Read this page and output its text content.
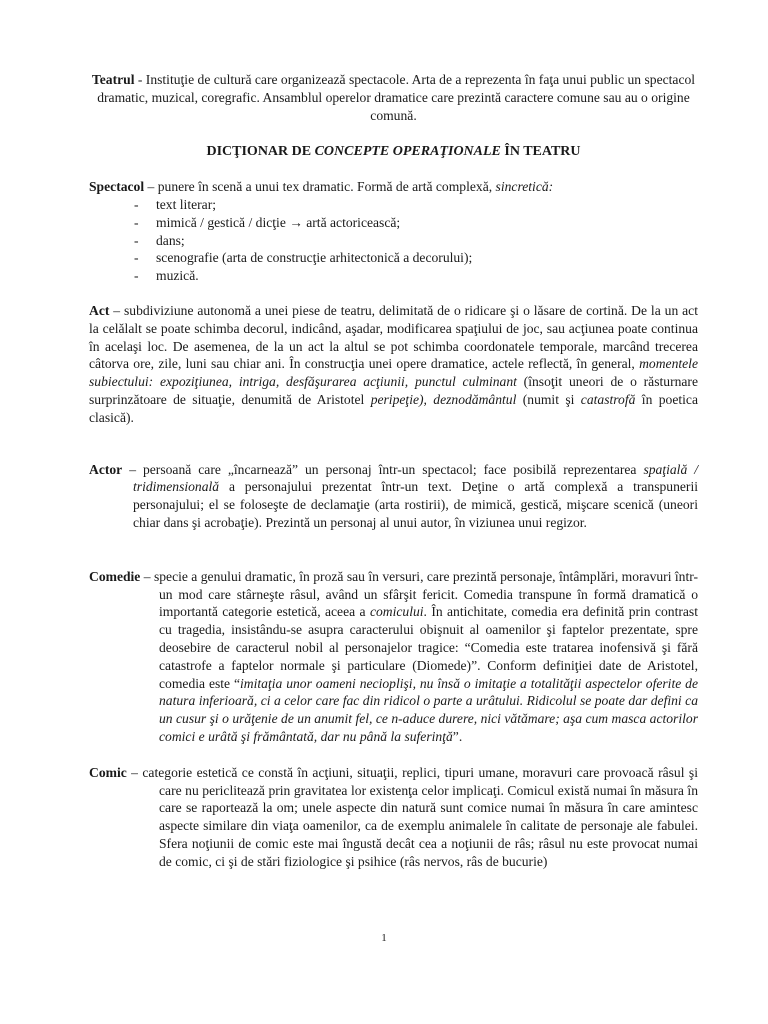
Teatrul - Instituţie de cultură care organizează spectacole. Arta de a reprezenta în faţa unui public un spectacol dramatic, muzical, coregrafic. Ansamblul operelor dramatice care prezintă caractere comune sau au o origine comună.

DICŢIONAR DE CONCEPTE OPERAŢIONALE ÎN TEATRU

Spectacol – punere în scenă a unui tex dramatic. Formă de artă complexă, sincretică:

- text literar;
- mimică / gestică / dicţie → artă actoricească;
- dans;
- scenografie (arta de construcţie arhitectonică a decorului);
- muzică.

Act – subdiviziune autonomă a unei piese de teatru, delimitată de o ridicare şi o lăsare de cortină. De la un act la celălalt se poate schimba decorul, indicând, aşadar, modificarea spaţiului de joc, sau acţiunea poate continua în acelaşi loc. De asemenea, de la un act la altul se pot schimba coordonatele temporale, marcând trecerea câtorva ore, zile, luni sau chiar ani. În construcţia unei opere dramatice, actele reflectă, în general, momentele subiectului: expoziţiunea, intriga, desfăşurarea acţiunii, punctul culminant (însoţit uneori de o răsturnare surprinzătoare de situaţie, denumită de Aristotel peripeţie), deznodământul (numit şi catastrofă în poetica clasică).

Actor – persoană care „încarnează” un personaj într-un spectacol; face posibilă reprezentarea spaţială / tridimensională a personajului prezentat într-un text. Deţine o artă complexă a transpunerii personajului; el se foloseşte de declamaţie (arta rostirii), de mimică, gestică, mişcare scenică (uneori chiar dans şi acrobaţie). Prezintă un personaj al unui autor, în viziunea unui regizor.

Comedie – specie a genului dramatic, în proză sau în versuri, care prezintă personaje, întâmplări, moravuri într-un mod care stârneşte râsul, având un sfârşit fericit. Comedia transpune în formă dramatică o importantă categorie estetică, aceea a comicului. În antichitate, comedia era definită prin contrast cu tragedia, insistându-se asupra caracterului obişnuit al oamenilor şi faptelor prezentate, spre deosebire de caracterul nobil al personajelor tragice: “Comedia este tratarea inofensivă şi fără catastrofe a faptelor normale şi particulare (Diomede)”. Conform definiţiei date de Aristotel, comedia este “imitaţia unor oameni necioplişi, nu însă o imitaţie a totalităţii aspectelor oferite de natura inferioară, ci a celor care fac din ridicol o parte a urâtului. Ridicolul se poate dar defini ca un cusur şi o urăţenie de un anumit fel, ce n-aduce durere, nici vătămare; aşa cum masca actorilor comici e urâtă şi frământată, dar nu până la suferinţă”.

Comic – categorie estetică ce constă în acţiuni, situaţii, replici, tipuri umane, moravuri care provoacă râsul şi care nu periclitează prin gravitatea lor existenţa celor implicaţi. Comicul există numai în măsura în care se raportează la om; unele aspecte din natură sunt comice numai în măsura în care amintesc aspecte similare din viaţa oamenilor, ca de exemplu animalele în calitate de personaje ale fabulei. Sfera noţiunii de comic este mai îngustă decât cea a noţiunii de râs; râsul nu este provocat numai de comic, ci şi de stări fiziologice şi psihice (râs nervos, râs de bucurie)

1
